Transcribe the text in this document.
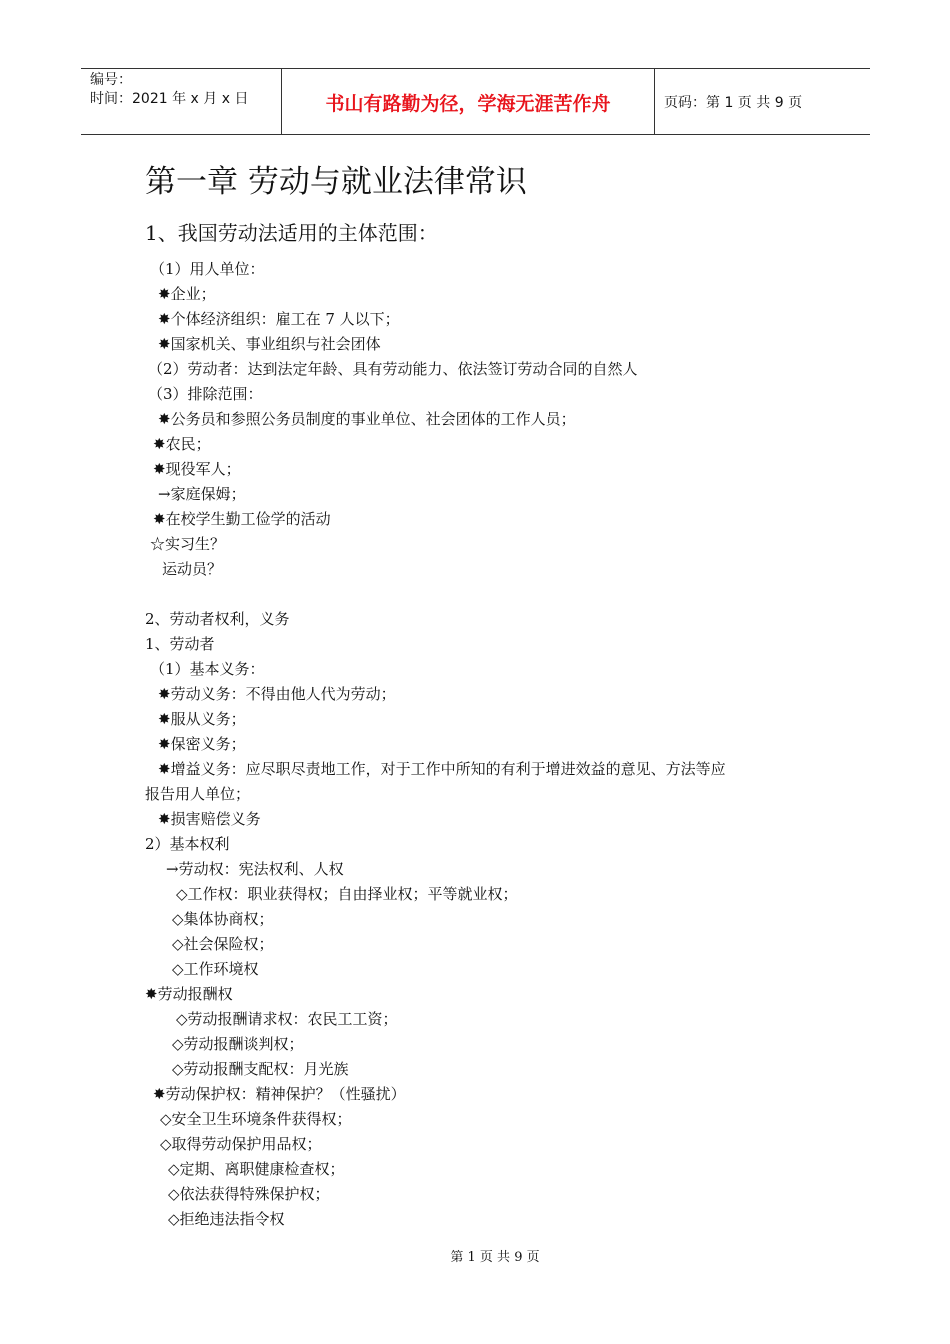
编号：
时间：2021 年 x 月 x 日	书山有路勤为径，学海无涯苦作舟	页码：第 1 页 共 9 页
第一章 劳动与就业法律常识
1、我国劳动法适用的主体范围：
（1）用人单位：
✸企业；
✸个体经济组织：雇工在 7 人以下；
✸国家机关、事业组织与社会团体
（2）劳动者：达到法定年龄、具有劳动能力、依法签订劳动合同的自然人
（3）排除范围：
✸公务员和参照公务员制度的事业单位、社会团体的工作人员；
✸农民；
✸现役军人；
→家庭保姆；
✸在校学生勤工俭学的活动
☆实习生？
运动员？
2、劳动者权利，义务
1、劳动者
（1）基本义务：
✸劳动义务：不得由他人代为劳动；
✸服从义务；
✸保密义务；
✸增益义务：应尽职尽责地工作，对于工作中所知的有利于增进效益的意见、方法等应
报告用人单位；
✸损害赔偿义务
2）基本权利
→劳动权：宪法权利、人权
◇工作权：职业获得权；自由择业权；平等就业权；
◇集体协商权；
◇社会保险权；
◇工作环境权
✸劳动报酬权
◇劳动报酬请求权：农民工工资；
◇劳动报酬谈判权；
◇劳动报酬支配权：月光族
✸劳动保护权：精神保护？（性骚扰）
◇安全卫生环境条件获得权；
◇取得劳动保护用品权；
◇定期、离职健康检查权；
◇依法获得特殊保护权；
◇拒绝违法指令权
第 1 页 共 9 页
